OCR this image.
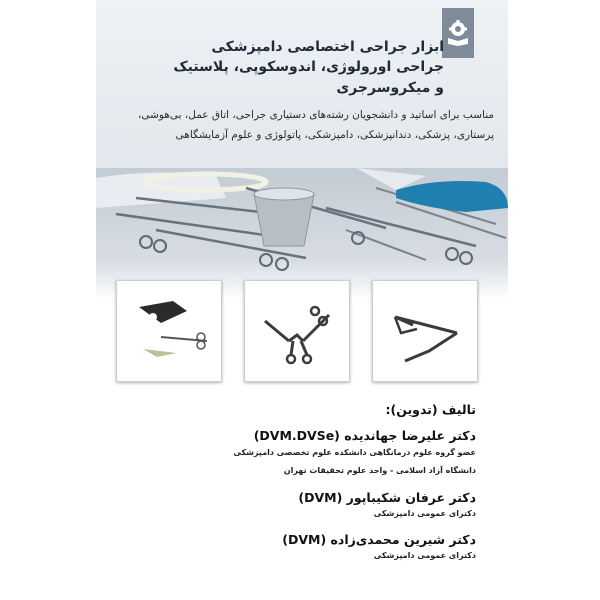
ابزار جراحی اختصاصی دامپزشکی
جراحی اورولوژی، اندوسکوپی، پلاستیک
و میکروسرجری
مناسب برای اساتید و دانشجویان رشته‌های دستیاری جراحی، اتاق عمل، بی‌هوشی،
پرستاری، پزشکی، دندانپزشکی، دامپزشکی، پاتولوژی و علوم آزمایشگاهی
تالیف (تدوین):
دکتر علیرضا جهاندیده (DVM.DVSe)
عضو گروه علوم درمانگاهی دانشکده علوم تخصصی دامپزشکی
دانشگاه آزاد اسلامی - واحد علوم تحقیقات تهران
دکتر عرفان شکیباپور (DVM)
دکترای عمومی دامپزشکی
دکتر شیرین محمدی‌زاده (DVM)
دکترای عمومی دامپزشکی
